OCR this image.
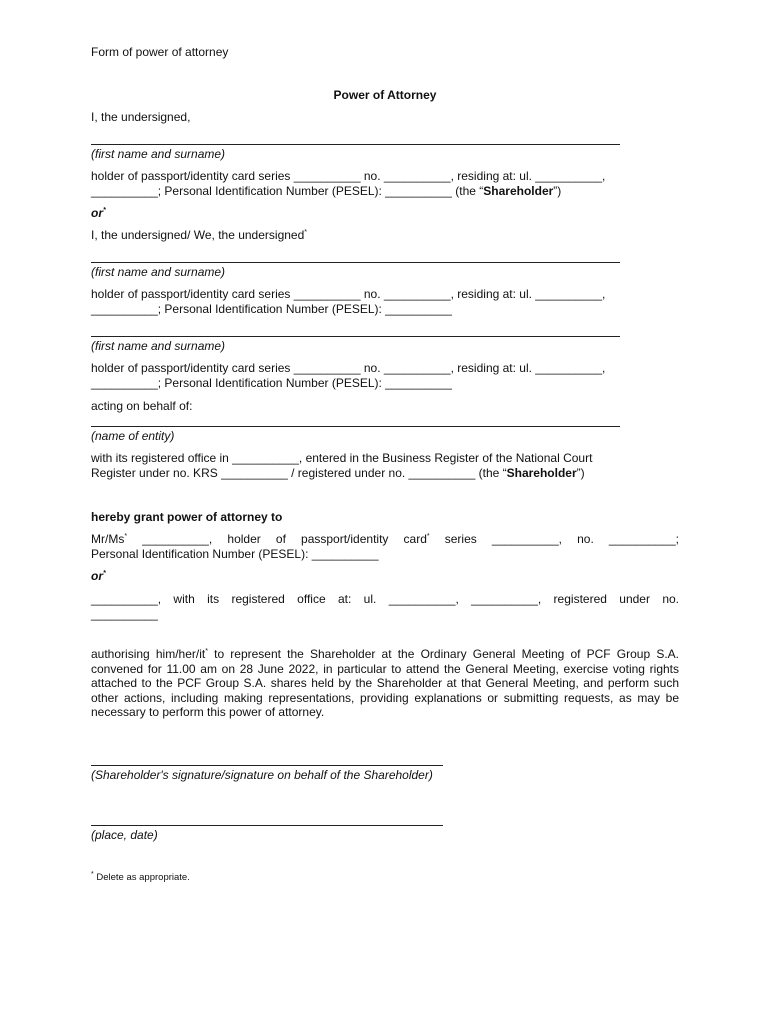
Form of power of attorney
Power of Attorney
I, the undersigned,
(first name and surname)
holder of passport/identity card series __________ no. __________, residing at: ul. __________,
__________; Personal Identification Number (PESEL): __________ (the “Shareholder”)
or*
I, the undersigned/ We, the undersigned*
(first name and surname)
holder of passport/identity card series __________ no. __________, residing at: ul. __________,
__________; Personal Identification Number (PESEL): __________
(first name and surname)
holder of passport/identity card series __________ no. __________, residing at: ul. __________,
__________; Personal Identification Number (PESEL): __________
acting on behalf of:
(name of entity)
with its registered office in __________, entered in the Business Register of the National Court
Register under no. KRS __________ / registered under no. __________ (the “Shareholder”)
hereby grant power of attorney to
Mr/Ms* __________, holder of passport/identity card* series __________, no. __________;
Personal Identification Number (PESEL): __________
or*
__________, with its registered office at: ul. __________, __________, registered under no.
__________
authorising him/her/it* to represent the Shareholder at the Ordinary General Meeting of PCF Group S.A. convened for 11.00 am on 28 June 2022, in particular to attend the General Meeting, exercise voting rights attached to the PCF Group S.A. shares held by the Shareholder at that General Meeting, and perform such other actions, including making representations, providing explanations or submitting requests, as may be necessary to perform this power of attorney.
(Shareholder's signature/signature on behalf of the Shareholder)
(place, date)
* Delete as appropriate.
